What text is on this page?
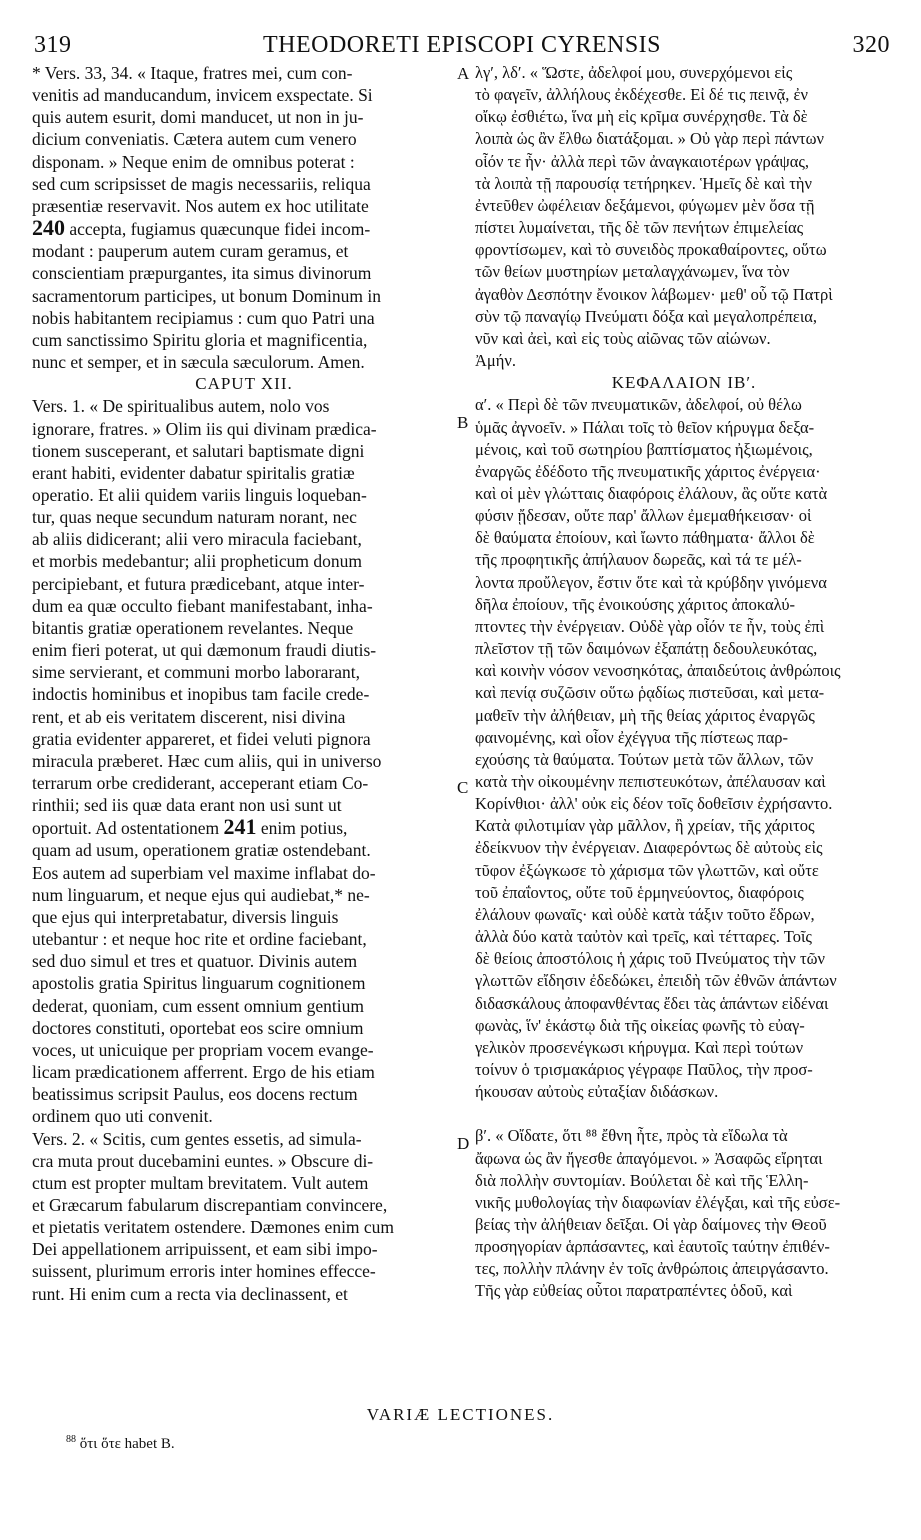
319	THEODORETI EPISCOPI CYRENSIS	320
A
B
C
D
* Vers. 33, 34. « Itaque, fratres mei, cum con-
venitis ad manducandum, invicem exspectate. Si
quis autem esurit, domi manducet, ut non in ju-
dicium conveniatis. Cætera autem cum venero
disponam. » Neque enim de omnibus poterat :
sed cum scripsisset de magis necessariis, reliqua
præsentiæ reservavit. Nos autem ex hoc utilitate
240 accepta, fugiamus quæcunque fidei incom-
modant : pauperum autem curam geramus, et
conscientiam præpurgantes, ita simus divinorum
sacramentorum participes, ut bonum Dominum in
nobis habitantem recipiamus : cum quo Patri una
cum sanctissimo Spiritu gloria et magnificentia,
nunc et semper, et in sæcula sæculorum. Amen.
CAPUT XII.
Vers. 1. « De spiritualibus autem, nolo vos
ignorare, fratres. » Olim iis qui divinam prædica-
tionem susceperant, et salutari baptismate digni
erant habiti, evidenter dabatur spiritalis gratiæ
operatio. Et alii quidem variis linguis loqueban-
tur, quas neque secundum naturam norant, nec
ab aliis didicerant; alii vero miracula faciebant,
et morbis medebantur; alii propheticum donum
percipiebant, et futura prædicebant, atque inter-
dum ea quæ occulto fiebant manifestabant, inha-
bitantis gratiæ operationem revelantes. Neque
enim fieri poterat, ut qui dæmonum fraudi diutis-
sime servierant, et communi morbo laborarant,
indoctis hominibus et inopibus tam facile crede-
rent, et ab eis veritatem discerent, nisi divina
gratia evidenter appareret, et fidei veluti pignora
miracula præberet. Hæc cum aliis, qui in universo
terrarum orbe crediderant, acceperant etiam Co-
rinthii; sed iis quæ data erant non usi sunt ut
oportuit. Ad ostentationem 241 enim potius,
quam ad usum, operationem gratiæ ostendebant.
Eos autem ad superbiam vel maxime inflabat do-
num linguarum, et neque ejus qui audiebat,* ne-
que ejus qui interpretabatur, diversis linguis
utebantur : et neque hoc rite et ordine faciebant,
sed duo simul et tres et quatuor. Divinis autem
apostolis gratia Spiritus linguarum cognitionem
dederat, quoniam, cum essent omnium gentium
doctores constituti, oportebat eos scire omnium
voces, ut unicuique per propriam vocem evange-
licam prædicationem afferrent. Ergo de his etiam
beatissimus scripsit Paulus, eos docens rectum
ordinem quo uti convenit.
Vers. 2. « Scitis, cum gentes essetis, ad simula-
cra muta prout ducebamini euntes. » Obscure di-
ctum est propter multam brevitatem. Vult autem
et Græcarum fabularum discrepantiam convincere,
et pietatis veritatem ostendere. Dæmones enim cum
Dei appellationem arripuissent, et eam sibi impo-
suissent, plurimum erroris inter homines effecce-
runt. Hi enim cum a recta via declinassent, et
λγʹ, λδʹ. « Ὥστε, ἀδελφοί μου, συνερχόμενοι εἰς
τὸ φαγεῖν, ἀλλήλους ἐκδέχεσθε. Εἰ δέ τις πεινᾷ, ἐν
οἴκῳ ἐσθιέτω, ἵνα μὴ εἰς κρῖμα συνέρχησθε. Τὰ δὲ
λοιπὰ ὡς ἂν ἔλθω διατάξομαι. » Οὐ γὰρ περὶ πάντων
οἷόν τε ἦν· ἀλλὰ περὶ τῶν ἀναγκαιοτέρων γράψας,
τὰ λοιπὰ τῇ παρουσίᾳ τετήρηκεν. Ἡμεῖς δὲ καὶ τὴν
ἐντεῦθεν ὠφέλειαν δεξάμενοι, φύγωμεν μὲν ὅσα τῇ
πίστει λυμαίνεται, τῆς δὲ τῶν πενήτων ἐπιμελείας
φροντίσωμεν, καὶ τὸ συνειδὸς προκαθαίροντες, οὕτω
τῶν θείων μυστηρίων μεταλαγχάνωμεν, ἵνα τὸν
ἀγαθὸν Δεσπότην ἔνοικον λάβωμεν· μεθ' οὗ τῷ Πατρὶ
σὺν τῷ παναγίῳ Πνεύματι δόξα καὶ μεγαλοπρέπεια,
νῦν καὶ ἀεὶ, καὶ εἰς τοὺς αἰῶνας τῶν αἰώνων.
Ἀμήν.
ΚΕΦΑΛΑΙΟΝ ΙΒʹ.
αʹ. « Περὶ δὲ τῶν πνευματικῶν, ἀδελφοί, οὐ θέλω
ὑμᾶς ἀγνοεῖν. » Πάλαι τοῖς τὸ θεῖον κήρυγμα δεξα-
μένοις, καὶ τοῦ σωτηρίου βαπτίσματος ἠξιωμένοις,
ἐναργῶς ἐδέδοτο τῆς πνευματικῆς χάριτος ἐνέργεια·
καὶ οἱ μὲν γλώτταις διαφόροις ἐλάλουν, ἃς οὔτε κατὰ
φύσιν ᾔδεσαν, οὔτε παρ' ἄλλων ἐμεμαθήκεισαν· οἱ
δὲ θαύματα ἐποίουν, καὶ ἴωντο πάθηματα· ἄλλοι δὲ
τῆς προφητικῆς ἀπήλαυον δωρεᾶς, καὶ τά τε μέλ-
λοντα προὔλεγον, ἔστιν ὅτε καὶ τὰ κρύβδην γινόμενα
δῆλα ἐποίουν, τῆς ἐνοικούσης χάριτος ἀποκαλύ-
πτοντες τὴν ἐνέργειαν. Οὐδὲ γὰρ οἷόν τε ἦν, τοὺς ἐπὶ
πλεῖστον τῇ τῶν δαιμόνων ἐξαπάτῃ δεδουλευκότας,
καὶ κοινὴν νόσον νενοσηκότας, ἀπαιδεύτοις ἀνθρώποις
καὶ πενίᾳ συζῶσιν οὕτω ῥᾳδίως πιστεῦσαι, καὶ μετα-
μαθεῖν τὴν ἀλήθειαν, μὴ τῆς θείας χάριτος ἐναργῶς
φαινομένης, καὶ οἷον ἐχέγγυα τῆς πίστεως παρ-
εχούσης τὰ θαύματα. Τούτων μετὰ τῶν ἄλλων, τῶν
κατὰ τὴν οἰκουμένην πεπιστευκότων, ἀπέλαυσαν καὶ
Κορίνθιοι· ἀλλ' οὐκ εἰς δέον τοῖς δοθεῖσιν ἐχρήσαντο.
Κατὰ φιλοτιμίαν γὰρ μᾶλλον, ἢ χρείαν, τῆς χάριτος
ἐδείκνυον τὴν ἐνέργειαν. Διαφερόντως δὲ αὐτοὺς εἰς
τῦφον ἐξώγκωσε τὸ χάρισμα τῶν γλωττῶν, καὶ οὔτε
τοῦ ἐπαΐοντος, οὔτε τοῦ ἑρμηνεύοντος, διαφόροις
ἐλάλουν φωναῖς· καὶ οὐδὲ κατὰ τάξιν τοῦτο ἔδρων,
ἀλλὰ δύο κατὰ ταὐτὸν καὶ τρεῖς, καὶ τέτταρες. Τοῖς
δὲ θείοις ἀποστόλοις ἡ χάρις τοῦ Πνεύματος τὴν τῶν
γλωττῶν εἴδησιν ἐδεδώκει, ἐπειδὴ τῶν ἐθνῶν ἁπάντων
διδασκάλους ἀποφανθέντας ἔδει τὰς ἁπάντων εἰδέναι
φωνὰς, ἵν' ἑκάστῳ διὰ τῆς οἰκείας φωνῆς τὸ εὐαγ-
γελικὸν προσενέγκωσι κήρυγμα. Καὶ περὶ τούτων
τοίνυν ὁ τρισμακάριος γέγραφε Παῦλος, τὴν προσ-
ήκουσαν αὐτοὺς εὐταξίαν διδάσκων.
βʹ. « Οἴδατε, ὅτι ⁸⁸ ἔθνη ἦτε, πρὸς τὰ εἴδωλα τὰ
ἄφωνα ὡς ἂν ἤγεσθε ἀπαγόμενοι. » Ἀσαφῶς εἴρηται
διὰ πολλὴν συντομίαν. Βούλεται δὲ καὶ τῆς Ἑλλη-
νικῆς μυθολογίας τὴν διαφωνίαν ἐλέγξαι, καὶ τῆς εὐσε-
βείας τὴν ἀλήθειαν δεῖξαι. Οἱ γὰρ δαίμονες τὴν Θεοῦ
προσηγορίαν ἁρπάσαντες, καὶ ἑαυτοῖς ταύτην ἐπιθέν-
τες, πολλὴν πλάνην ἐν τοῖς ἀνθρώποις ἀπειργάσαντο.
Τῆς γὰρ εὐθείας οὗτοι παρατραπέντες ὁδοῦ, καὶ
VARIÆ LECTIONES.
$^{88}$ ὅτι ὅτε habet B.
